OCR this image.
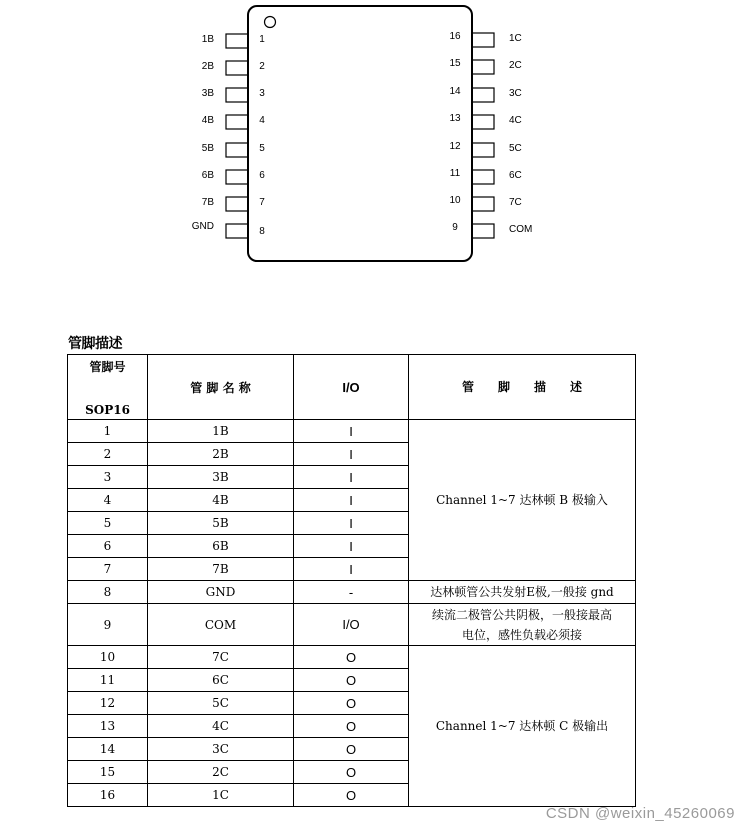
1B	1
2B	2
3B	3
4B	4
5B	5
6B	6
7B	7
GND	8
16	1C
15	2C
14	3C
13	4C
12	5C
11	6C
10	7C
9	COM
管脚描述
管脚号
SOP16	管 脚 名 称	I/O	管　　脚　　描　　述
1	1B	I	Channel 1~7 达林顿 B 极输入
2	2B	I	
3	3B	I	
4	4B	I	
5	5B	I	
6	6B	I	
7	7B	I	
8	GND	-	达林顿管公共发射E极,一般接 gnd
9	COM	I/O	续流二极管公共阴极，一般接最高
电位，感性负载必须接

10	7C	O	Channel 1~7 达林顿 C 极输出
11	6C	O	
12	5C	O	
13	4C	O	
14	3C	O	
15	2C	O	
16	1C	O	
CSDN @weixin_45260069
